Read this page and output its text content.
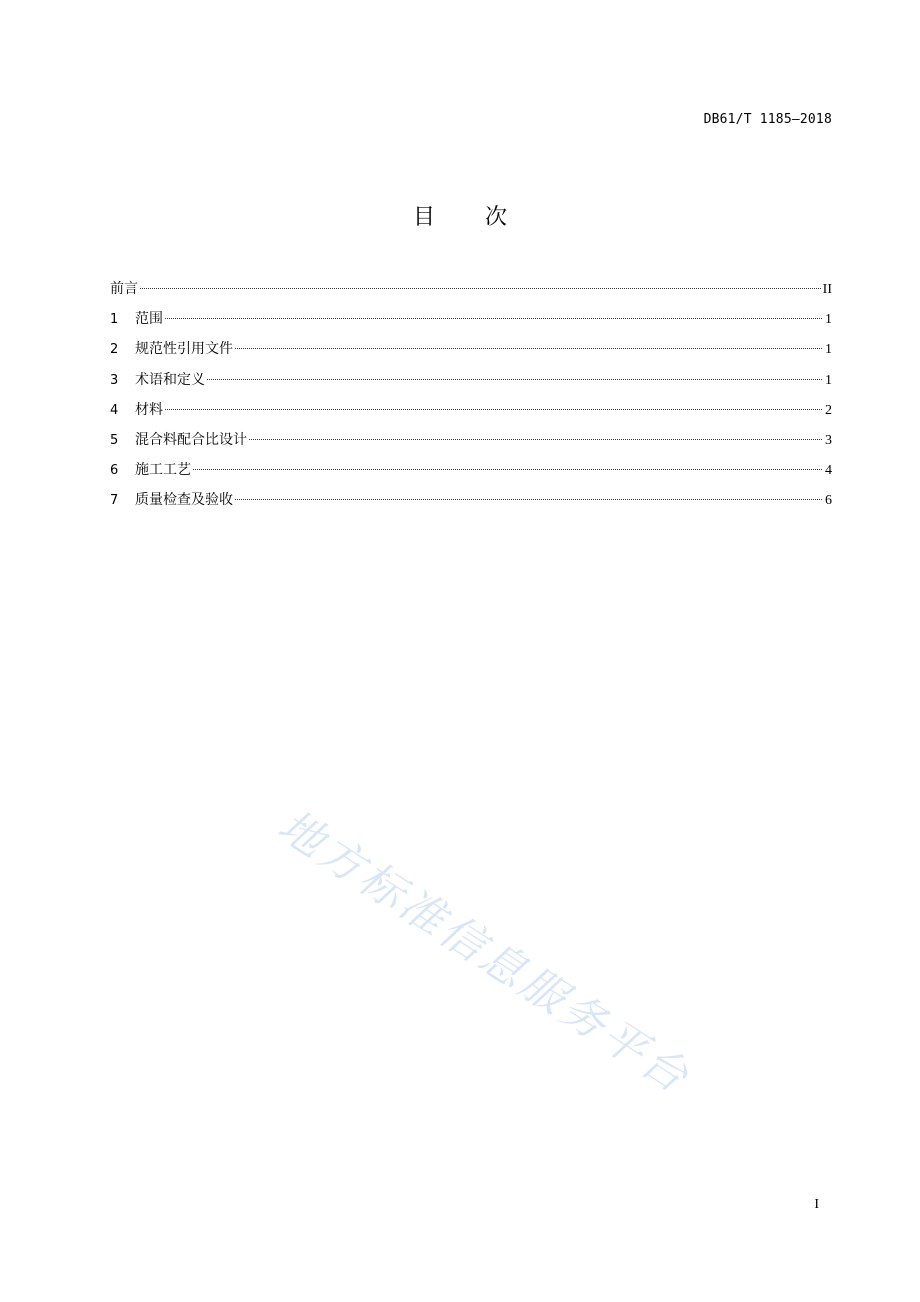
DB61/T 1185—2018
目 次
前言	II
1	范围	1
2	规范性引用文件	1
3	术语和定义	1
4	材料	2
5	混合料配合比设计	3
6	施工工艺	4
7	质量检查及验收	6
地方标准信息服务平台
I
